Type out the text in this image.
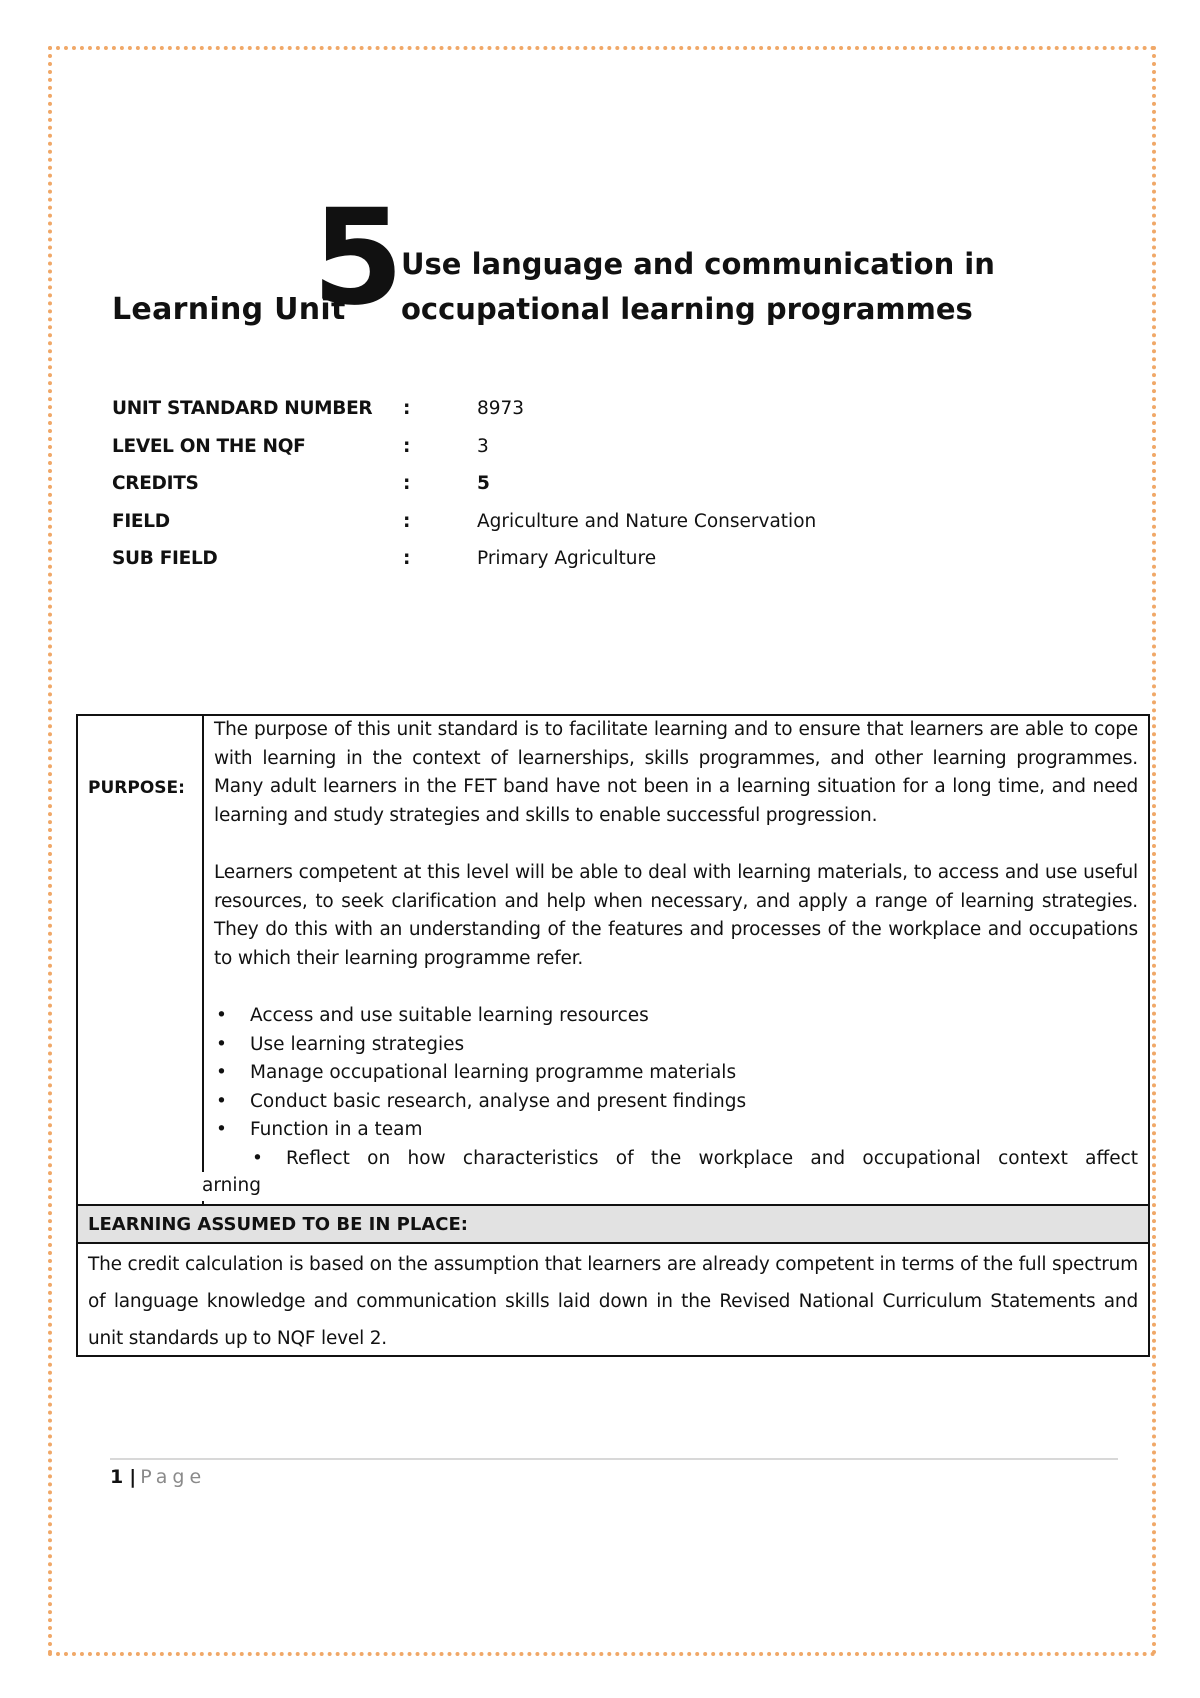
Learning Unit
5
Use language and communication in
occupational learning programmes
UNIT STANDARD NUMBER :	8973
LEVEL ON THE NQF	:	3
CREDITS	:	5
FIELD	:	Agriculture and Nature Conservation
SUB FIELD	:	Primary Agriculture
PURPOSE:

The purpose of this unit standard is to facilitate learning and to ensure that learners are able to cope with learning in the context of learnerships, skills programmes, and other learning programmes. Many adult learners in the FET band have not been in a learning situation for a long time, and need learning and study strategies and skills to enable successful progression.

Learners competent at this level will be able to deal with learning materials, to access and use useful resources, to seek clarification and help when necessary, and apply a range of learning strategies. They do this with an understanding of the features and processes of the workplace and occupations to which their learning programme refer.

• Access and use suitable learning resources
• Use learning strategies
• Manage occupational learning programme materials
• Conduct basic research, analyse and present findings
• Function in a team
• Reflect on how characteristics of the workplace and occupational context affect
arning
LEARNING ASSUMED TO BE IN PLACE:
The credit calculation is based on the assumption that learners are already competent in terms of the full spectrum of language knowledge and communication skills laid down in the Revised National Curriculum Statements and unit standards up to NQF level 2.
1 | Page
